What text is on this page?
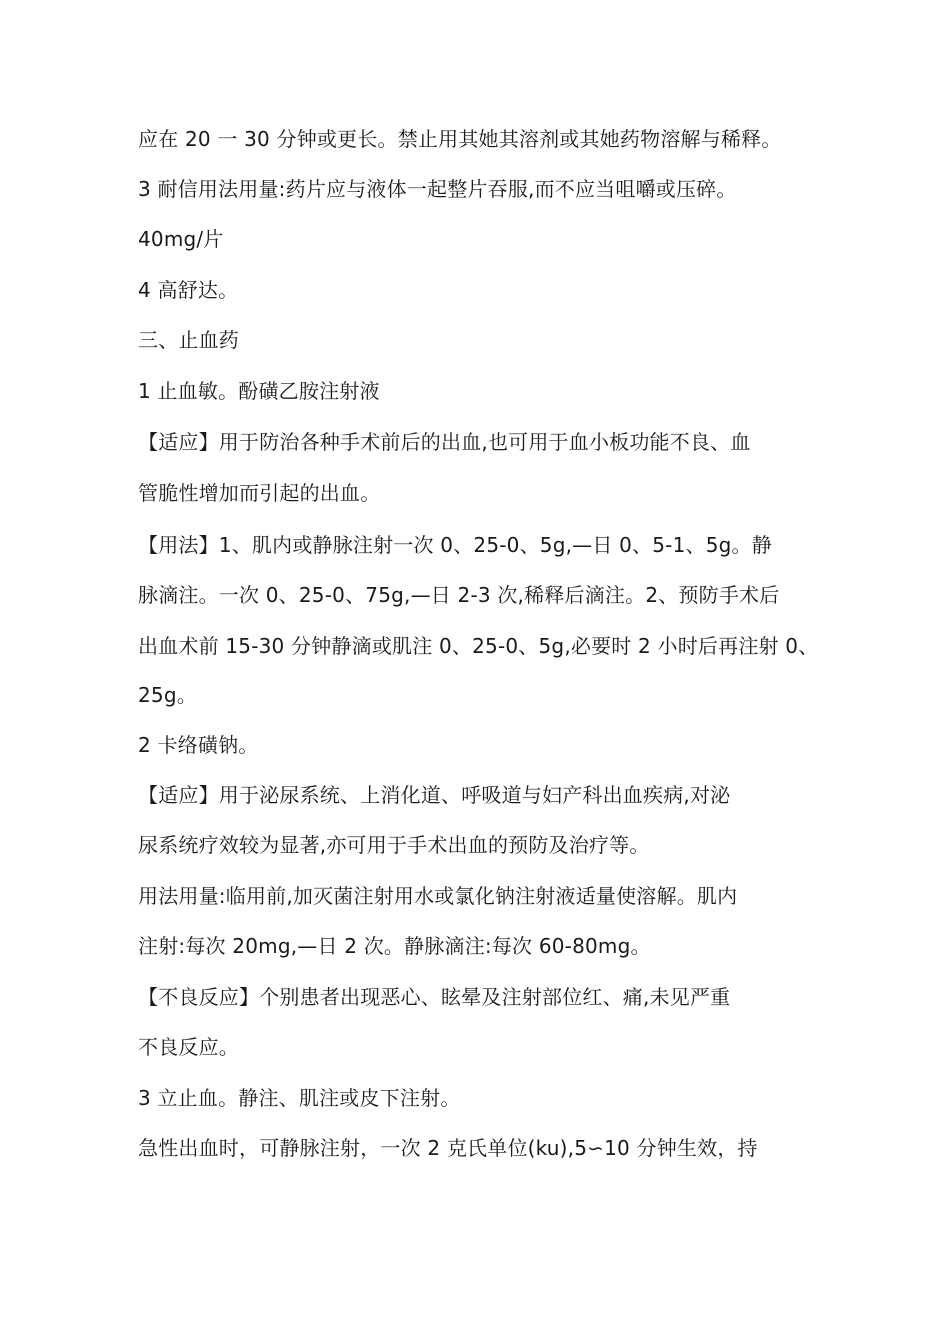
应在 20 一 30 分钟或更长。禁止用其她其溶剂或其她药物溶解与稀释。
3 耐信用法用量:药片应与液体一起整片吞服,而不应当咀嚼或压碎。
40mg/片
4 高舒达。
三、止血药
1 止血敏。酚磺乙胺注射液
【适应】用于防治各种手术前后的出血,也可用于血小板功能不良、血
管脆性增加而引起的出血。
【用法】1、肌内或静脉注射一次 0、25-0、5g,—日 0、5-1、5g。静
脉滴注。一次 0、25-0、75g,—日 2-3 次,稀释后滴注。2、预防手术后
出血术前 15-30 分钟静滴或肌注 0、25-0、5g,必要时 2 小时后再注射 0、
25g。
2 卡络磺钠。
【适应】用于泌尿系统、上消化道、呼吸道与妇产科出血疾病,对泌
尿系统疗效较为显著,亦可用于手术出血的预防及治疗等。
用法用量:临用前,加灭菌注射用水或氯化钠注射液适量使溶解。肌内
注射:每次 20mg,—日 2 次。静脉滴注:每次 60-80mg。
【不良反应】个别患者出现恶心、眩晕及注射部位红、痛,未见严重
不良反应。
3 立止血。静注、肌注或皮下注射。
急性出血时，可静脉注射，一次 2 克氏单位(ku),5∽10 分钟生效，持
